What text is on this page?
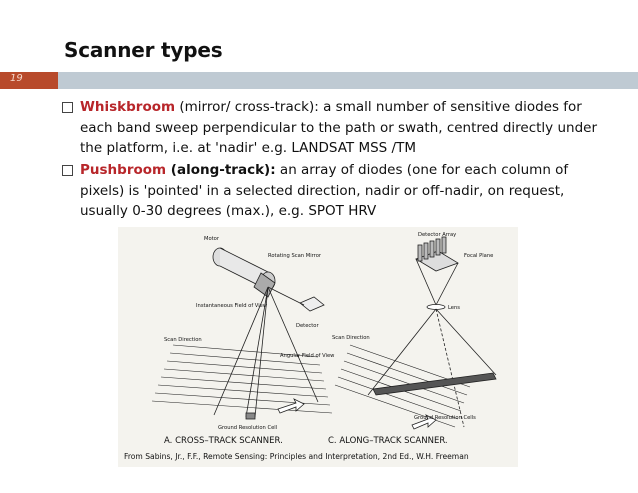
Scanner types
19
Whiskbroom (mirror/ cross-track): a small number of sensitive diodes for each band sweep perpendicular to the path or swath, centred directly under the platform, i.e. at 'nadir' e.g. LANDSAT MSS /TM
Pushbroom (along-track): an array of diodes (one for each column of pixels) is 'pointed' in a selected direction, nadir or off-nadir, on request, usually 0-30 degrees (max.), e.g. SPOT HRV
Motor
Rotating Scan Mirror
Instantaneous Field of View
Detector
Angular Field of View
Scan Direction
Ground Resolution Cell
Detector Array
Focal Plane
Lens
Scan Direction
Ground Resolution Cells
A. CROSS–TRACK SCANNER.	C. ALONG–TRACK SCANNER.
From Sabins, Jr., F.F., Remote Sensing: Principles and Interpretation, 2nd Ed., W.H. Freeman
